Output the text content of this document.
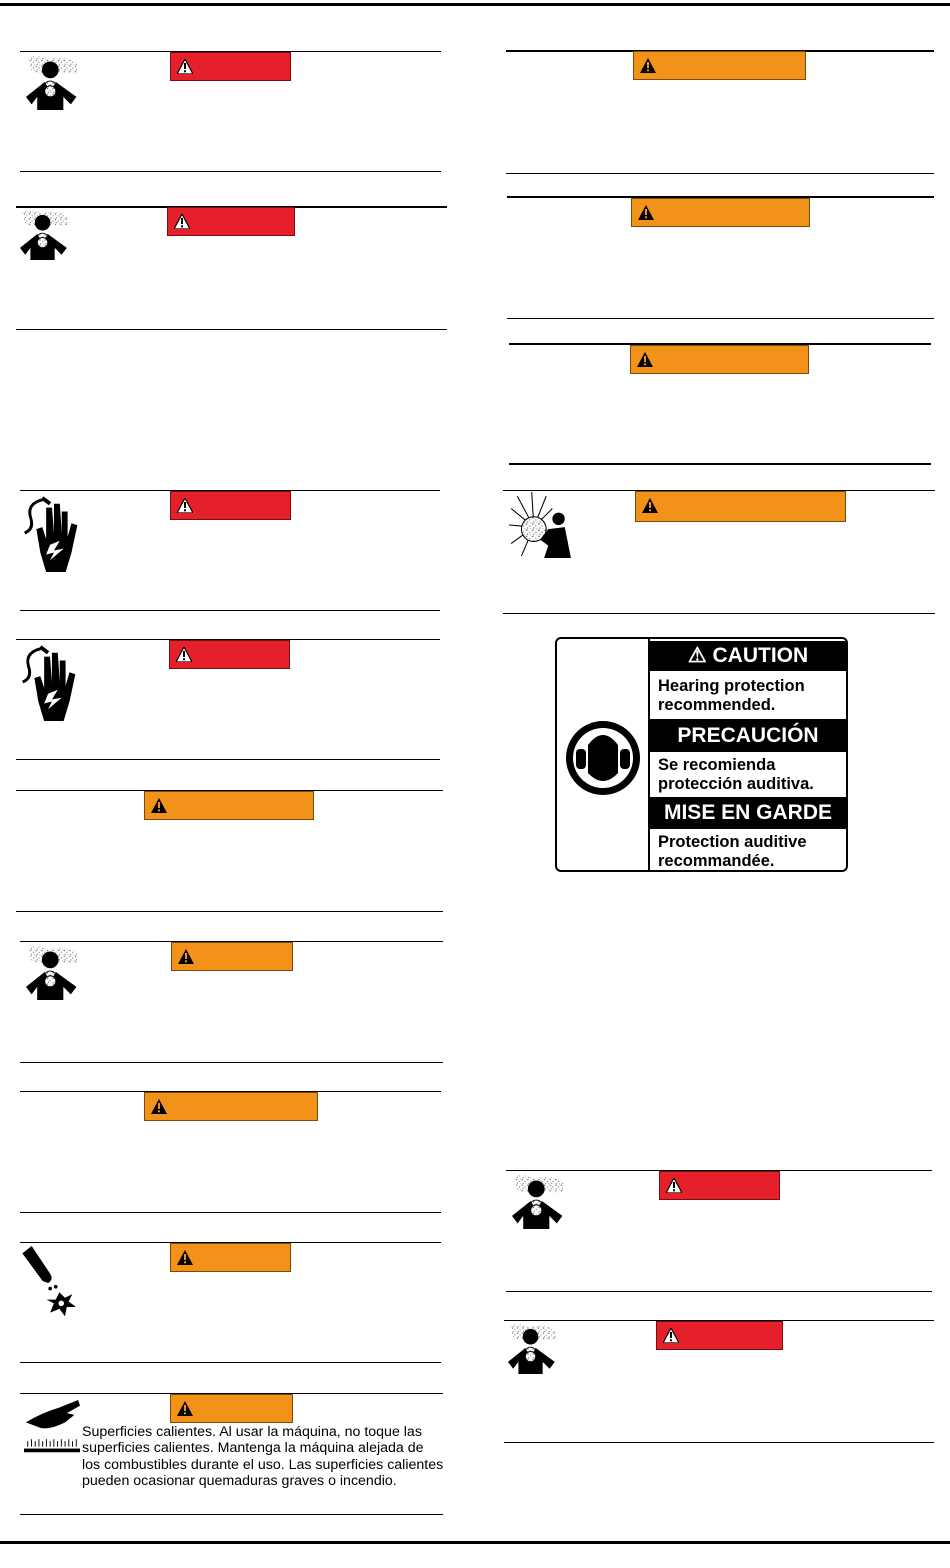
Superficies calientes. Al usar la máquina, no toque las superficies calientes. Mantenga la máquina alejada de los combustibles durante el uso. Las superficies calientes pueden ocasionar quemaduras graves o incendio.

⚠ CAUTION
Hearing protection
recommended.
PRECAUCIÓN
Se recomienda
protección auditiva.
MISE EN GARDE
Protection auditive
recommandée.
